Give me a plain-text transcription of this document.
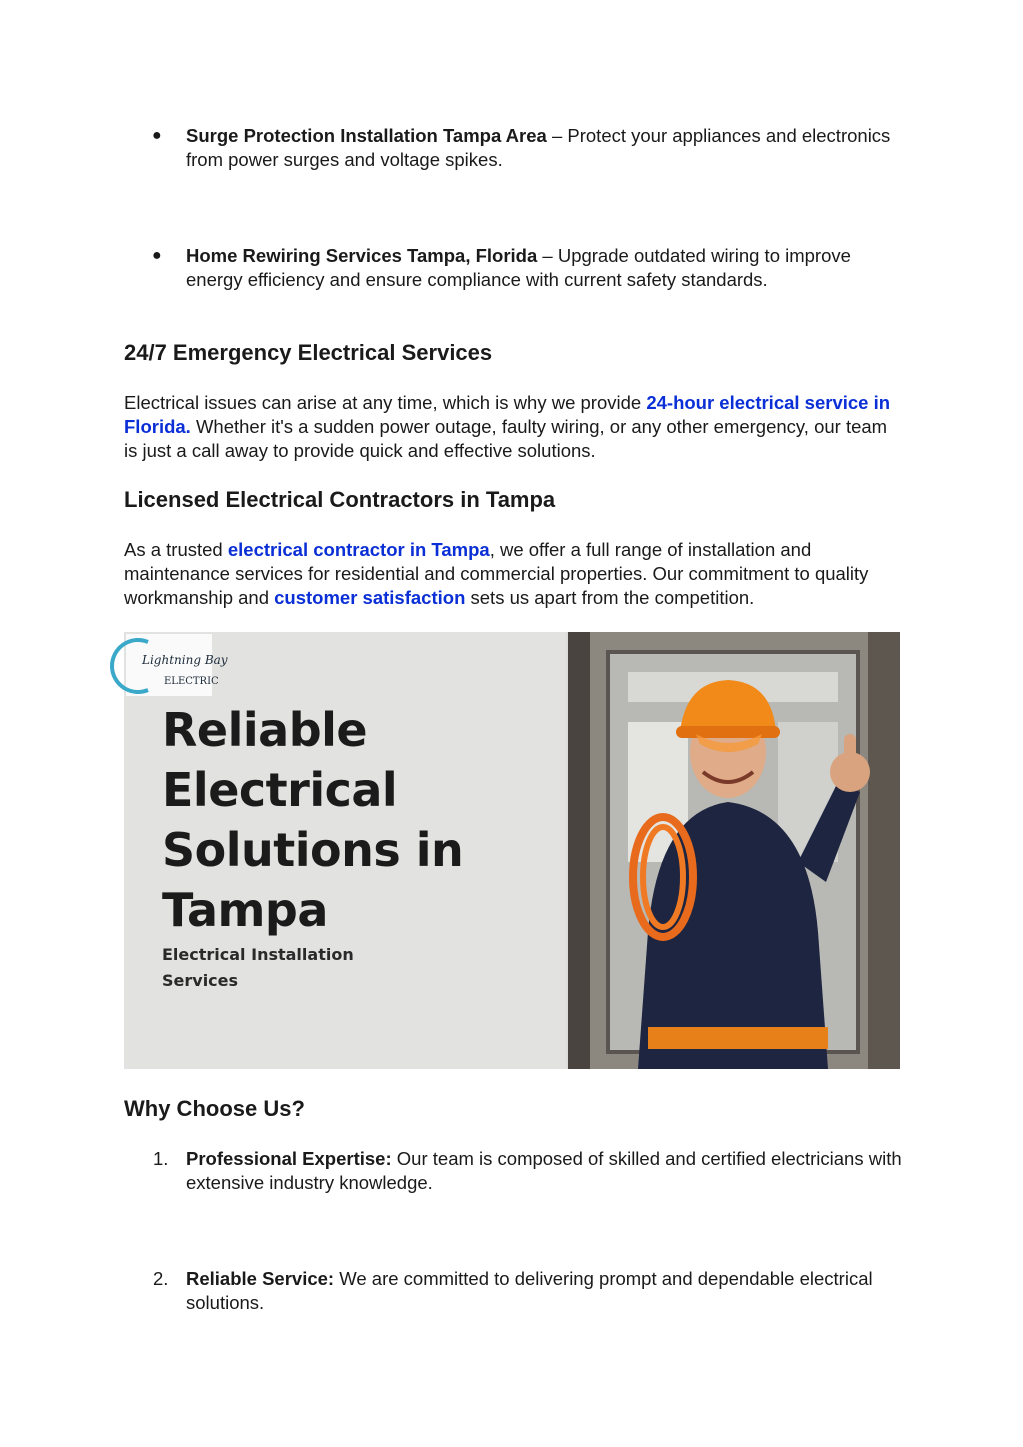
● Surge Protection Installation Tampa Area – Protect your appliances and electronics from power surges and voltage spikes.
● Home Rewiring Services Tampa, Florida – Upgrade outdated wiring to improve energy efficiency and ensure compliance with current safety standards.
24/7 Emergency Electrical Services

Electrical issues can arise at any time, which is why we provide 24-hour electrical service in Florida. Whether it's a sudden power outage, faulty wiring, or any other emergency, our team is just a call away to provide quick and effective solutions.

Licensed Electrical Contractors in Tampa

As a trusted electrical contractor in Tampa, we offer a full range of installation and maintenance services for residential and commercial properties. Our commitment to quality workmanship and customer satisfaction sets us apart from the competition.

Lightning Bay
ELECTRIC
Reliable
Electrical
Solutions in
Tampa
Electrical Installation
Services
Why Choose Us?
1. Professional Expertise: Our team is composed of skilled and certified electricians with extensive industry knowledge.
2. Reliable Service: We are committed to delivering prompt and dependable electrical solutions.
